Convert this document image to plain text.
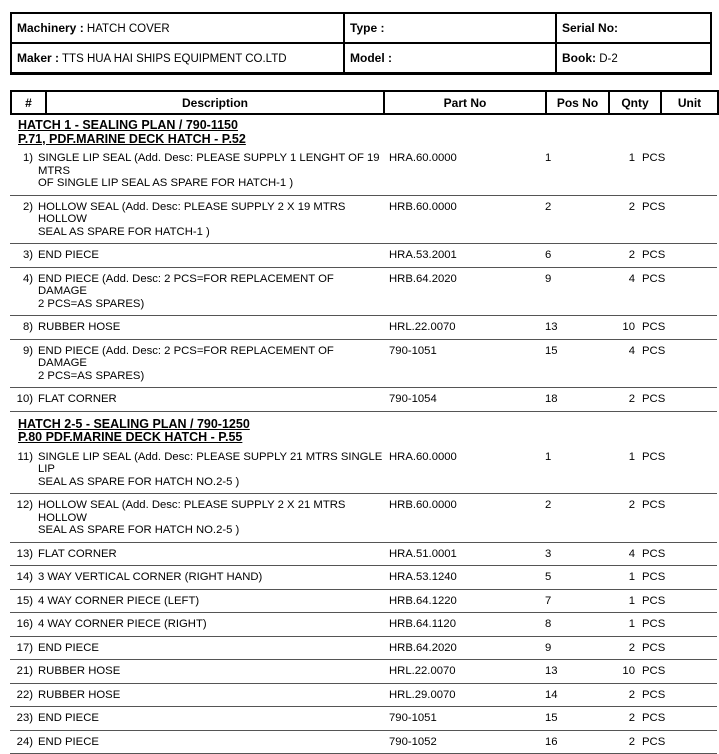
Machinery : HATCH COVER	Type :	Serial No:
Maker : TTS HUA HAI SHIPS EQUIPMENT CO.LTD	Model :	Book: D-2
#	Description	Part No	Pos No	Qnty	Unit
HATCH 1 - SEALING PLAN / 790-1150
P.71, PDF.MARINE DECK HATCH - P.52
1) SINGLE LIP SEAL (Add. Desc: PLEASE SUPPLY 1 LENGHT OF 19 MTRS
OF SINGLE LIP SEAL AS SPARE FOR HATCH-1 )
HRA.60.0000	1	1 PCS
2) HOLLOW SEAL (Add. Desc: PLEASE SUPPLY 2 X 19 MTRS HOLLOW
SEAL AS SPARE FOR HATCH-1 )
HRB.60.0000	2	2 PCS
3) END PIECE	HRA.53.2001	6	2 PCS
4) END PIECE (Add. Desc: 2 PCS=FOR REPLACEMENT OF DAMAGE
2 PCS=AS SPARES)
HRB.64.2020	9	4 PCS
8) RUBBER HOSE	HRL.22.0070	13	10 PCS
9) END PIECE (Add. Desc: 2 PCS=FOR REPLACEMENT OF DAMAGE
2 PCS=AS SPARES)
790-1051	15	4 PCS
10) FLAT CORNER	790-1054	18	2 PCS
HATCH 2-5 - SEALING PLAN / 790-1250
P.80 PDF.MARINE DECK HATCH - P.55
11) SINGLE LIP SEAL (Add. Desc: PLEASE SUPPLY 21 MTRS SINGLE LIP
SEAL AS SPARE FOR HATCH NO.2-5 )
HRA.60.0000	1	1 PCS
12) HOLLOW SEAL (Add. Desc: PLEASE SUPPLY 2 X 21 MTRS HOLLOW
SEAL AS SPARE FOR HATCH NO.2-5 )
HRB.60.0000	2	2 PCS
13) FLAT CORNER	HRA.51.0001	3	4 PCS
14) 3 WAY VERTICAL CORNER (RIGHT HAND)	HRA.53.1240	5	1 PCS
15) 4 WAY CORNER PIECE (LEFT)	HRB.64.1220	7	1 PCS
16) 4 WAY CORNER PIECE (RIGHT)	HRB.64.1120	8	1 PCS
17) END PIECE	HRB.64.2020	9	2 PCS
21) RUBBER HOSE	HRL.22.0070	13	10 PCS
22) RUBBER HOSE	HRL.29.0070	14	2 PCS
23) END PIECE	790-1051	15	2 PCS
24) END PIECE	790-1052	16	2 PCS
